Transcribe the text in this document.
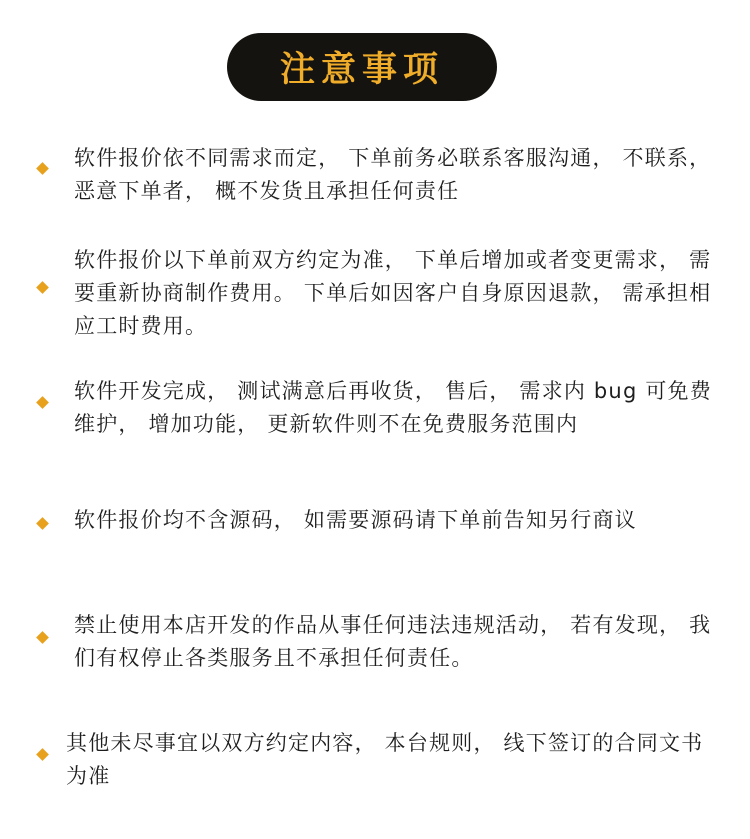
注意事项
软件报价依不同需求而定， 下单前务必联系客服沟通， 不联系， 恶意下单者， 概不发货且承担任何责任
软件报价以下单前双方约定为准， 下单后增加或者变更需求， 需要重新协商制作费用。 下单后如因客户自身原因退款， 需承担相应工时费用。
软件开发完成， 测试满意后再收货， 售后， 需求内 bug 可免费维护， 增加功能， 更新软件则不在免费服务范围内
软件报价均不含源码， 如需要源码请下单前告知另行商议
禁止使用本店开发的作品从事任何违法违规活动， 若有发现， 我们有权停止各类服务且不承担任何责任。
其他未尽事宜以双方约定内容， 本台规则， 线下签订的合同文书为准
